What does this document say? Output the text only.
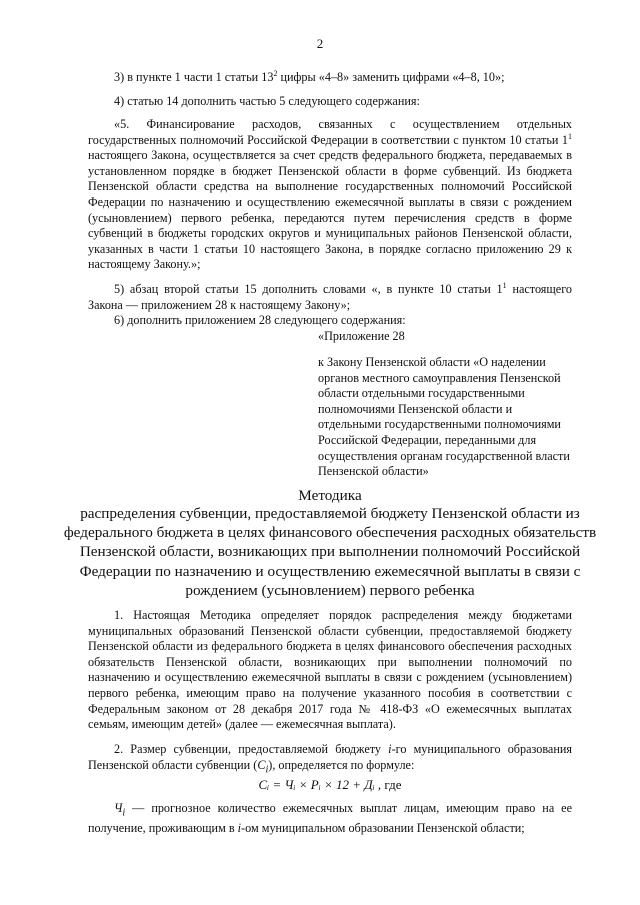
2
3) в пункте 1 части 1 статьи $13^2$ цифры «4–8» заменить цифрами «4–8, 10»;
4) статью 14 дополнить частью 5 следующего содержания:
«5. Финансирование расходов, связанных с осуществлением отдельных государственных полномочий Российской Федерации в соответствии с пунктом 10 статьи $1^1$ настоящего Закона, осуществляется за счет средств федерального бюджета, передаваемых в установленном порядке в бюджет Пензенской области в форме субвенций. Из бюджета Пензенской области средства на выполнение государственных полномочий Российской Федерации по назначению и осуществлению ежемесячной выплаты в связи с рождением (усыновлением) первого ребенка, передаются путем перечисления средств в форме субвенций в бюджеты городских округов и муниципальных районов Пензенской области, указанных в части 1 статьи 10 настоящего Закона, в порядке согласно приложению 29 к настоящему Закону.»;
5) абзац второй статьи 15 дополнить словами «, в пункте 10 статьи $1^1$ настоящего Закона — приложением 28 к настоящему Закону»;
6) дополнить приложением 28 следующего содержания:
«Приложение 28
к Закону Пензенской области «О наделении органов местного самоуправления Пензенской области отдельными государственными полномочиями Пензенской области и отдельными государственными полномочиями Российской Федерации, переданными для осуществления органам государственной власти Пензенской области»
Методика
распределения субвенции, предоставляемой бюджету Пензенской области из федерального бюджета в целях финансового обеспечения расходных обязательств Пензенской области, возникающих при выполнении полномочий Российской Федерации по назначению и осуществлению ежемесячной выплаты в связи с рождением (усыновлением) первого ребенка
1. Настоящая Методика определяет порядок распределения между бюджетами муниципальных образований Пензенской области субвенции, предоставляемой бюджету Пензенской области из федерального бюджета в целях финансового обеспечения расходных обязательств Пензенской области, возникающих при выполнении полномочий по назначению и осуществлению ежемесячной выплаты в связи с рождением (усыновлением) первого ребенка, имеющим право на получение указанного пособия в соответствии с Федеральным законом от 28 декабря 2017 года № 418-ФЗ «О ежемесячных выплатах семьям, имеющим детей» (далее — ежемесячная выплата).
2. Размер субвенции, предоставляемой бюджету i-го муниципального образования Пензенской области субвенции $(C_i)$, определяется по формуле:
Cᵢ = Чᵢ × Pᵢ × 12 + Дᵢ , где
$Ч_i$ — прогнозное количество ежемесячных выплат лицам, имеющим право на ее получение, проживающим в i-ом муниципальном образовании Пензенской области;
